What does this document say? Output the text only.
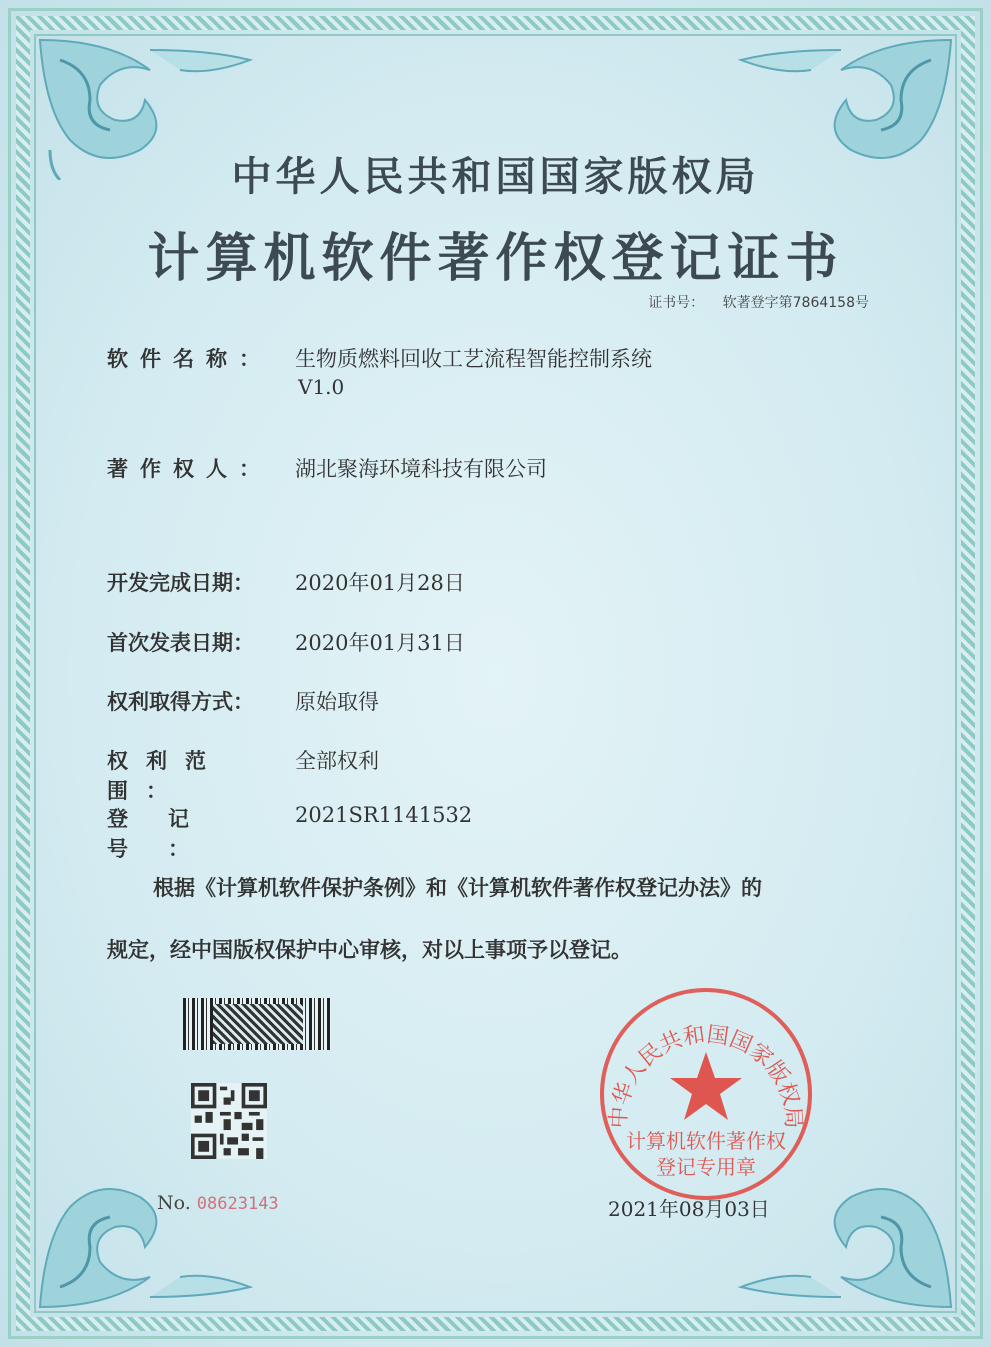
中华人民共和国国家版权局
计算机软件著作权登记证书
证书号： 软著登字第7864158号
软件名称： 生物质燃料回收工艺流程智能控制系统
V1.0
著作权人： 湖北聚海环境科技有限公司
开发完成日期： 2020年01月28日
首次发表日期： 2020年01月31日
权利取得方式： 原始取得
权利范围：全部权利
登记号：2021SR1141532
根据《计算机软件保护条例》和《计算机软件著作权登记办法》的
规定，经中国版权保护中心审核，对以上事项予以登记。
No. 08623143
中华人民共和国国家版权局
计算机软件著作权
登记专用章
2021年08月03日
